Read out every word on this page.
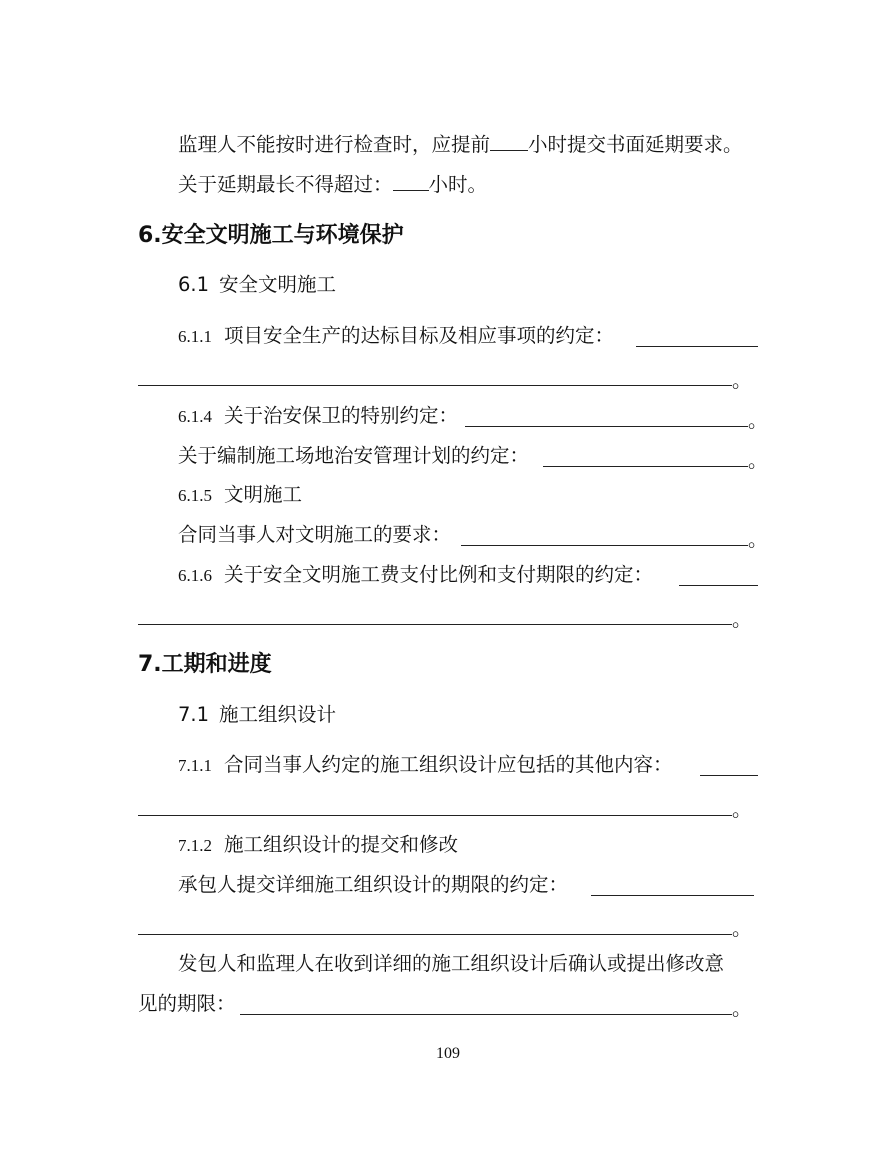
监理人不能按时进行检查时，应提前 小时提交书面延期要求。
关于延期最长不得超过： 小时。
6.安全文明施工与环境保护
6.1 安全文明施工
6.1.1 项目安全生产的达标目标及相应事项的约定：
。
6.1.4 关于治安保卫的特别约定：	。
关于编制施工场地治安管理计划的约定：	。
6.1.5 文明施工
合同当事人对文明施工的要求：	。
6.1.6 关于安全文明施工费支付比例和支付期限的约定：
。
7.工期和进度
7.1 施工组织设计
7.1.1 合同当事人约定的施工组织设计应包括的其他内容：
。
7.1.2 施工组织设计的提交和修改
承包人提交详细施工组织设计的期限的约定：
。
发包人和监理人在收到详细的施工组织设计后确认或提出修改意
见的期限：	。
109
